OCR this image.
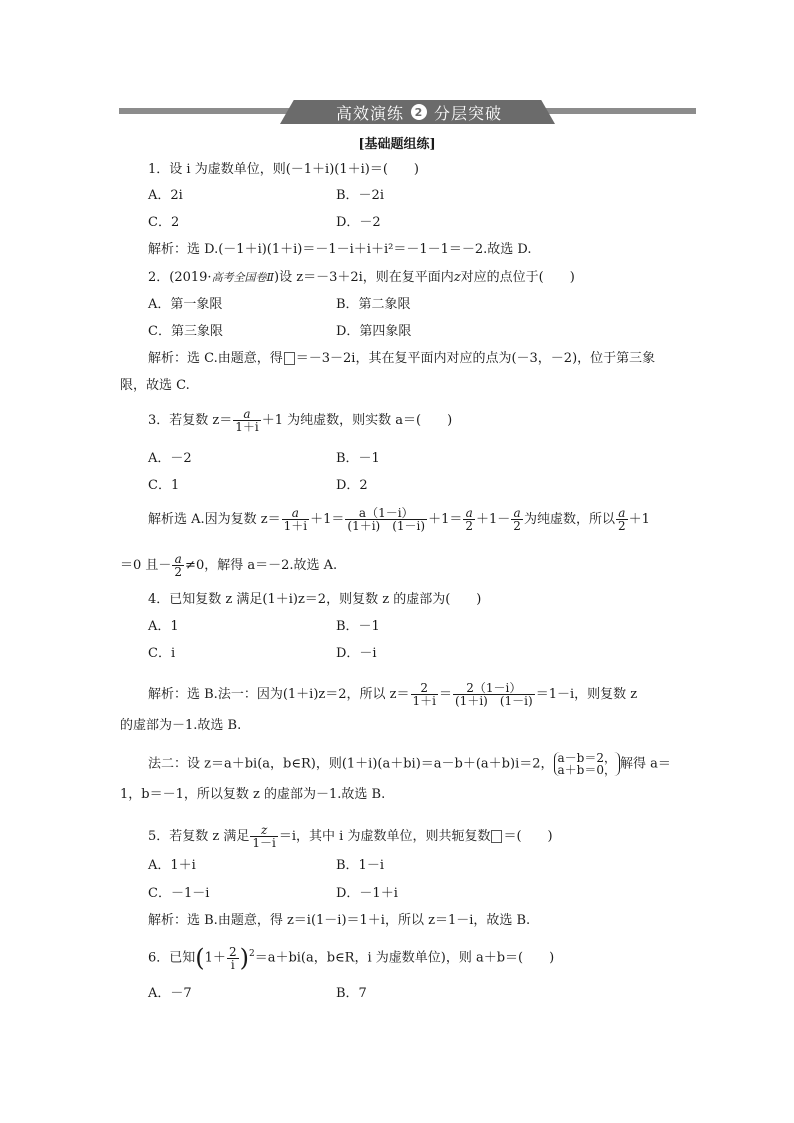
高效演练 2 分层突破
[基础题组练]
1．设 i 为虚数单位，则(－1＋i)(1＋i)＝(　　)
A．2i	B．－2i
C．2	D．－2
解析：选 D.(－1＋i)(1＋i)＝－1－i＋i＋i²＝－1－1＝－2.故选 D.
2．(2019·高考全国卷Ⅱ)设 z＝－3＋2i，则在复平面内z对应的点位于(　　)
A．第一象限	B．第二象限
C．第三象限	D．第四象限
解析：选 C.由题意，得 ＝－3－2i，其在复平面内对应的点为(－3，－2)，位于第三象
限，故选 C.
3．若复数 $z= \frac{a}{1+i} +1$ 为纯虚数，则实数 a＝(　　)
A．－2	B．－1
C．1	D．2
解析选 A.因为复数 $z= \frac{a}{1+i} +1= \frac{a(1-i)}{(1+i) (1-i)} +1= \frac{a}{2} +1- \frac{a}{2}$ 为纯虚数，所以 $\frac{a}{2} +1$
＝0 且－ $\frac{a}{2} \ne 0$，解得 a＝－2.故选 A.
4．已知复数 z 满足(1＋i)z＝2，则复数 z 的虚部为(　　)
A．1	B．－1
C．i	D．－i
解析：选 B.法一：因为(1＋i)z＝2，所以 $z= \frac{2}{1+i} = \frac{2(1-i)}{(1+i) (1-i)} =1-i$，则复数 z
的虚部为－1.故选 B.
法二：设 z＝a＋bi(a，b∈R)，则(1＋i)(a＋bi)＝a－b＋(a＋b)i＝2， a－b＝2，
a＋b＝0， 解得 a＝
1，b＝－1，所以复数 z 的虚部为－1.故选 B.
5．若复数 z 满足 $\frac{z}{1-i} =i$，其中 i 为虚数单位，则共轭复数 ＝(　　)
A．1＋i	B．1－i
C．－1－i	D．－1＋i
解析：选 B.由题意，得 z＝i(1－i)＝1＋i，所以 z＝1－i，故选 B.
6．已知$(1+ \frac{2}{i} )^2=a+bi(a$，b∈R，i 为虚数单位)，则 a＋b＝(　　)
A．－7	B．7
